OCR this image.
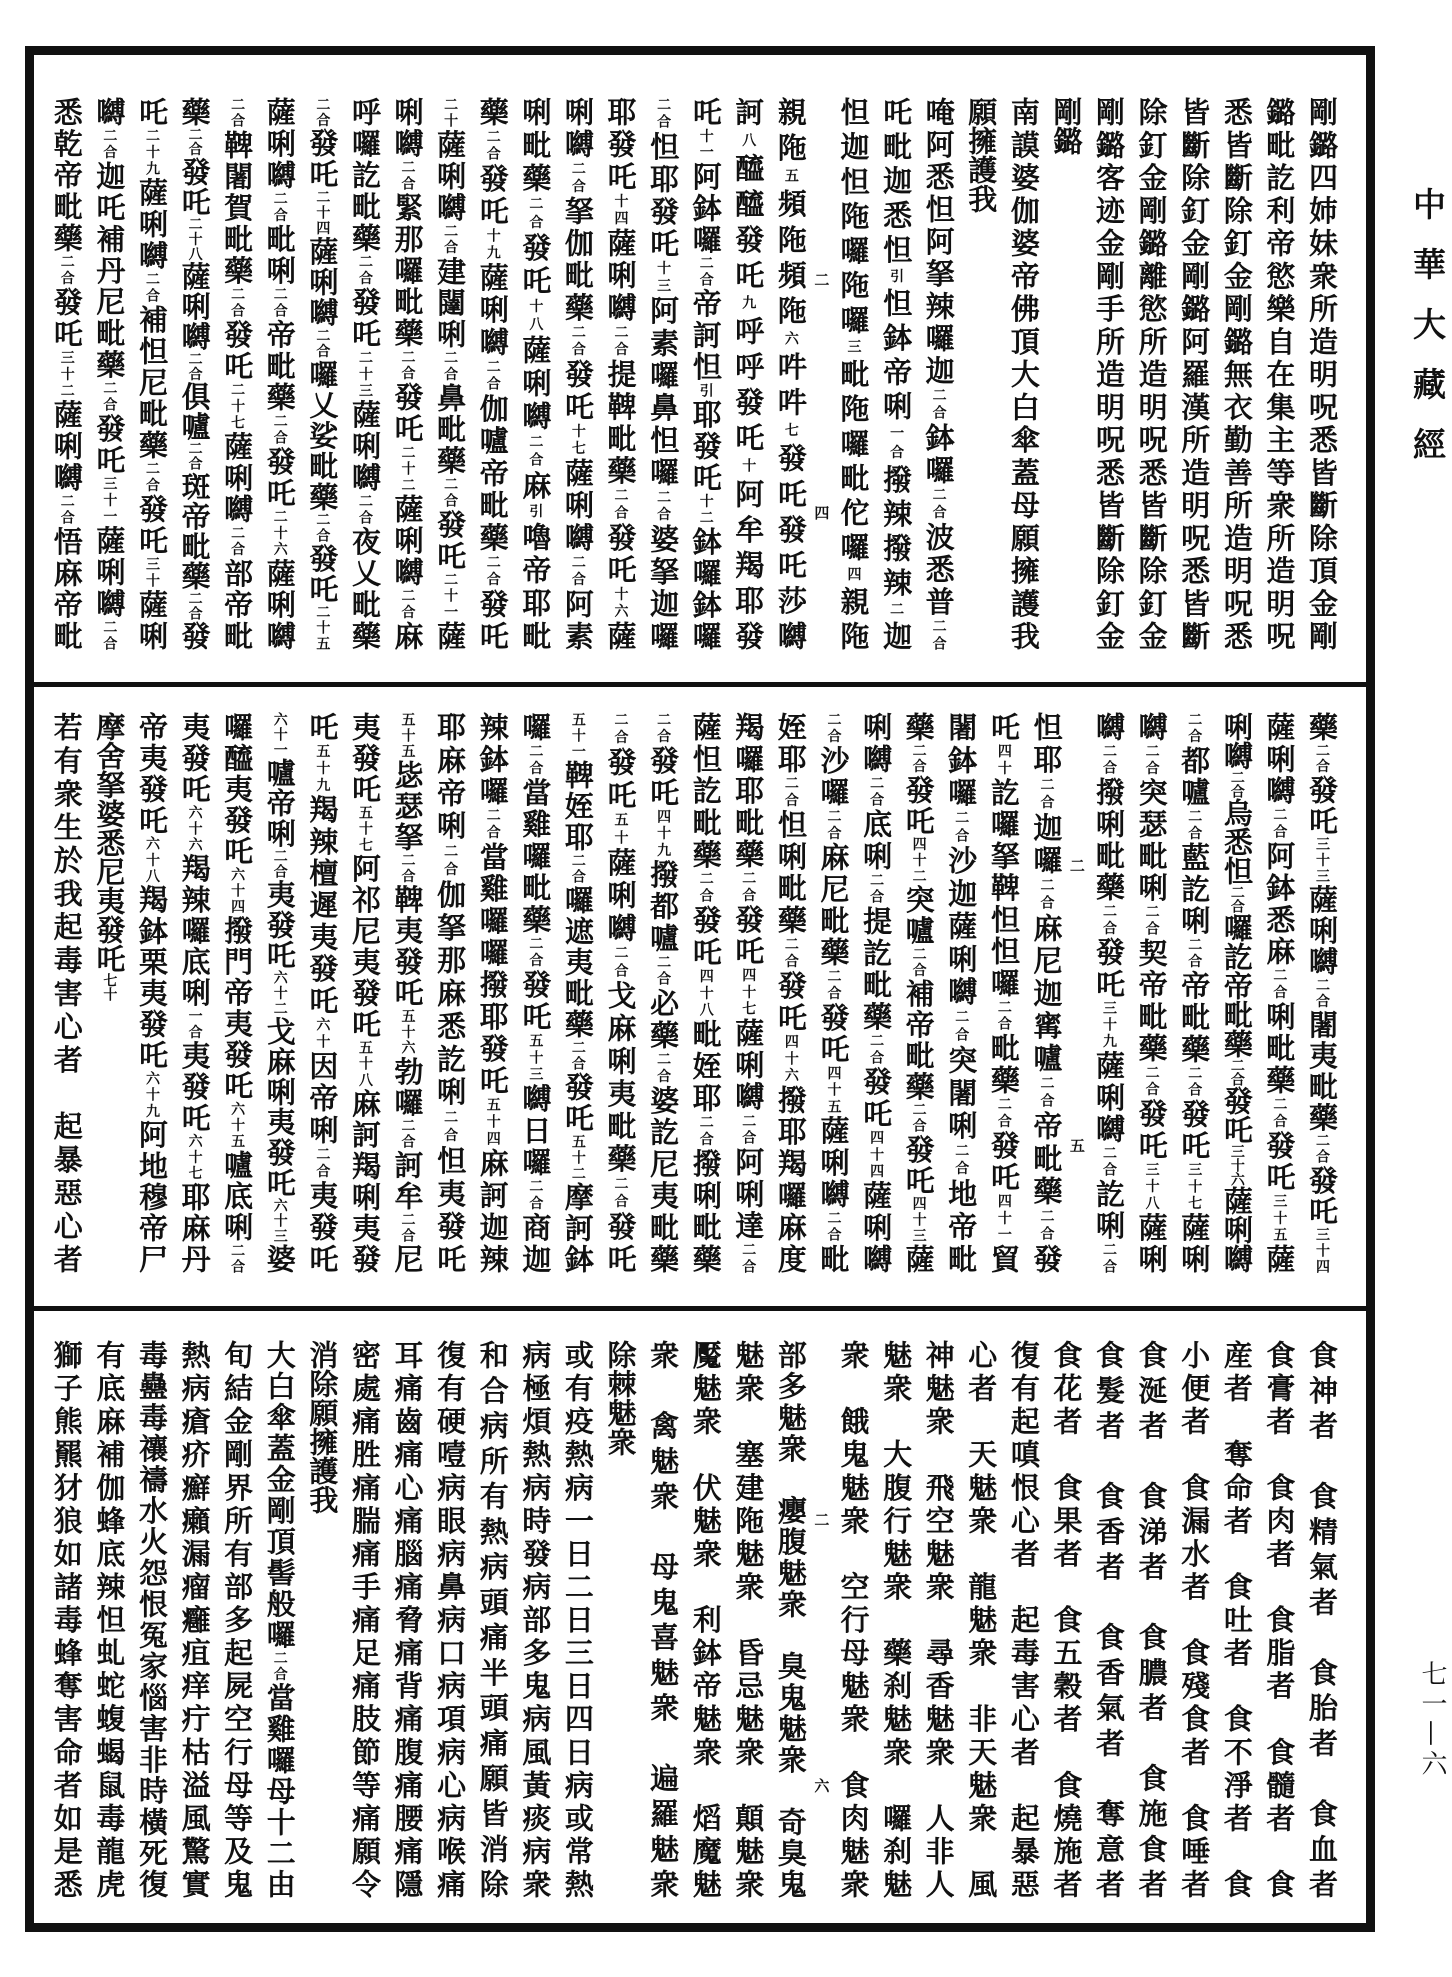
剛鏴四姉妹衆所造明呪悉皆斷除頂金剛
鏴毗訖利帝慾樂自在集主等衆所造明呪
悉皆斷除釘金剛鏴無衣勤善所造明呪悉
皆斷除釘金剛鏴阿羅漢所造明呪悉皆斷
除釘金剛鏴離慾所造明呪悉皆斷除釘金
剛鏴客迹金剛手所造明呪悉皆斷除釘金
剛鏴
南謨婆伽婆帝佛頂大白傘蓋母願擁護我
願擁護我
唵阿悉怛阿拏辣囉迦二合鉢囉二合波悉普二合
吒毗迦悉怛引怛鉢帝唎一合撥辣撥辣二迦
怛迦怛陁囉陁囉三毗陁囉毗佗囉四親陁
二
四
親陁五頻陁頻陁六吽吽七發吒發吒莎嚩
訶八醯醯發吒九呼呼發吒十阿牟羯耶發
吒十一阿鉢囉二合帝訶怛引耶發吒十二鉢囉鉢囉
二合怛耶發吒十三阿素囉鼻怛囉二合婆拏迦囉
耶發吒十四薩唎嚩二合提鞞毗藥二合發吒十六薩
唎嚩二合拏伽毗藥二合發吒十七薩唎嚩二合阿素
唎毗藥二合發吒十八薩唎嚩二合麻引嚕帝耶毗
藥二合發吒十九薩唎嚩二合伽嚧帝毗藥二合發吒
二十薩唎嚩二合建闥唎二合鼻毗藥二合發吒二十一薩
唎嚩二合緊那囉毗藥二合發吒二十二薩唎嚩二合麻
呼囉訖毗藥二合發吒二十三薩唎嚩二合夜乂毗藥
二合發吒二十四薩唎嚩二合囉乂娑毗藥二合發吒二十五
薩唎嚩二合毗唎二合帝毗藥二合發吒二十六薩唎嚩
二合鞞闍賀毗藥二合發吒二十七薩唎嚩二合部帝毗
藥二合發吒二十八薩唎嚩二合俱嚧二合斑帝毗藥二合發
吒二十九薩唎嚩二合補怛尼毗藥二合發吒三十薩唎
嚩二合迦吒補丹尼毗藥二合發吒三十一薩唎嚩二合
悉乾帝毗藥二合發吒三十二薩唎嚩二合悟麻帝毗
藥二合發吒三十三薩唎嚩二合闍夷毗藥二合發吒三十四
薩唎嚩二合阿鉢悉麻二合唎毗藥二合發吒三十五薩
唎嚩二合烏悉怛二合囉訖帝毗藥二合發吒三十六薩唎嚩
二合都嚧二合藍訖唎二合帝毗藥二合發吒三十七薩唎
嚩二合突瑟毗唎二合契帝毗藥二合發吒三十八薩唎
嚩二合撥唎毗藥二合發吒三十九薩唎嚩二合訖唎二合
二
五
怛耶二合迦囉二合麻尼迦寗嚧二合帝毗藥二合發
吒四十訖囉拏鞞怛怛囉二合毗藥二合發吒四十一貿
闍鉢囉二合沙迦薩唎嚩二合突闍唎二合地帝毗
藥二合發吒四十二突嚧二合補帝毗藥二合發吒四十三薩
唎嚩二合底唎二合提訖毗藥二合發吒四十四薩唎嚩
二合沙囉二合麻尼毗藥二合發吒四十五薩唎嚩二合毗
姪耶二合怛唎毗藥二合發吒四十六撥耶羯囉麻度
羯囉耶毗藥二合發吒四十七薩唎嚩二合阿唎達二合
薩怛訖毗藥二合發吒四十八毗姪耶二合撥唎毗藥
二合發吒四十九撥都嚧二合必藥二合婆訖尼夷毗藥
二合發吒五十薩唎嚩二合戈麻唎夷毗藥二合發吒
五十一鞞姪耶二合囉遮夷毗藥二合發吒五十二摩訶鉢
囉二合當雞囉毗藥二合發吒五十三嚩日囉二合商迦
辣鉢囉二合當雞囉囉撥耶發吒五十四麻訶迦辣
耶麻帝唎二合伽拏那麻悉訖唎二合怛夷發吒
五十五毖瑟拏二合鞞夷發吒五十六勃囉二合訶牟二合尼
夷發吒五十七阿祁尼夷發吒五十八麻訶羯唎夷發
吒五十九羯辣檀遲夷發吒六十因帝唎二合夷發吒
六十一嚧帝唎二合夷發吒六十二戈麻唎夷發吒六十三婆
囉醯夷發吒六十四撥門帝夷發吒六十五嚧底唎二合
夷發吒六十六羯辣囉底唎一合夷發吒六十七耶麻丹
帝夷發吒六十八羯鉢栗夷發吒六十九阿地穆帝尸
摩舍拏婆悉尼夷發吒七十
若有衆生於我起毒害心者　起暴惡心者
食神者　食精氣者　食胎者　食血者
食膏者　食肉者　食脂者　食髓者　食
産者　奪命者　食吐者　食不淨者　食
小便者　食漏水者　食殘食者　食唾者
食涎者　食涕者　食膿者　食施食者
食髮者　食香者　食香氣者　奪意者
食花者　食果者　食五穀者　食燒施者
復有起嗔恨心者　起毒害心者　起暴惡
心者　天魅衆　龍魅衆　非天魅衆　風
神魅衆　飛空魅衆　尋香魅衆　人非人
魅衆　大腹行魅衆　藥刹魅衆　囉刹魅
衆　餓鬼魅衆　空行母魅衆　食肉魅衆
二
六
部多魅衆　癭腹魅衆　臭鬼魅衆　奇臭鬼
魅衆　塞建陁魅衆　昏忌魅衆　顛魅衆
魘魅衆　伏魅衆　利鉢帝魅衆　熖魔魅
衆　禽魅衆　母鬼喜魅衆　遍羅魅衆
除棘魅衆
或有疫熱病一日二日三日四日病或常熱
病極煩熱病時發病部多鬼病風黃痰病衆
和合病所有熱病頭痛半頭痛願皆消除
復有硬噎病眼病鼻病口病項病心病喉痛
耳痛齒痛心痛腦痛脅痛背痛腹痛腰痛隱
密處痛胜痛腨痛手痛足痛肢節等痛願令
消除願擁護我
大白傘蓋金剛頂髻般囉二合當雞囉母十二由
旬結金剛界所有部多起屍空行母等及鬼
熱病瘡疥癬癩漏瘤癰疽痒疔枯溢風驚實
毒蠱毒禳禱水火怨恨冤家惱害非時橫死復
有底麻補伽蜂底辣怛虬蛇蝮蝎鼠毒龍虎
獅子熊羆犲狼如諸毒蜂奪害命者如是悉
中華大藏經
七一—六
